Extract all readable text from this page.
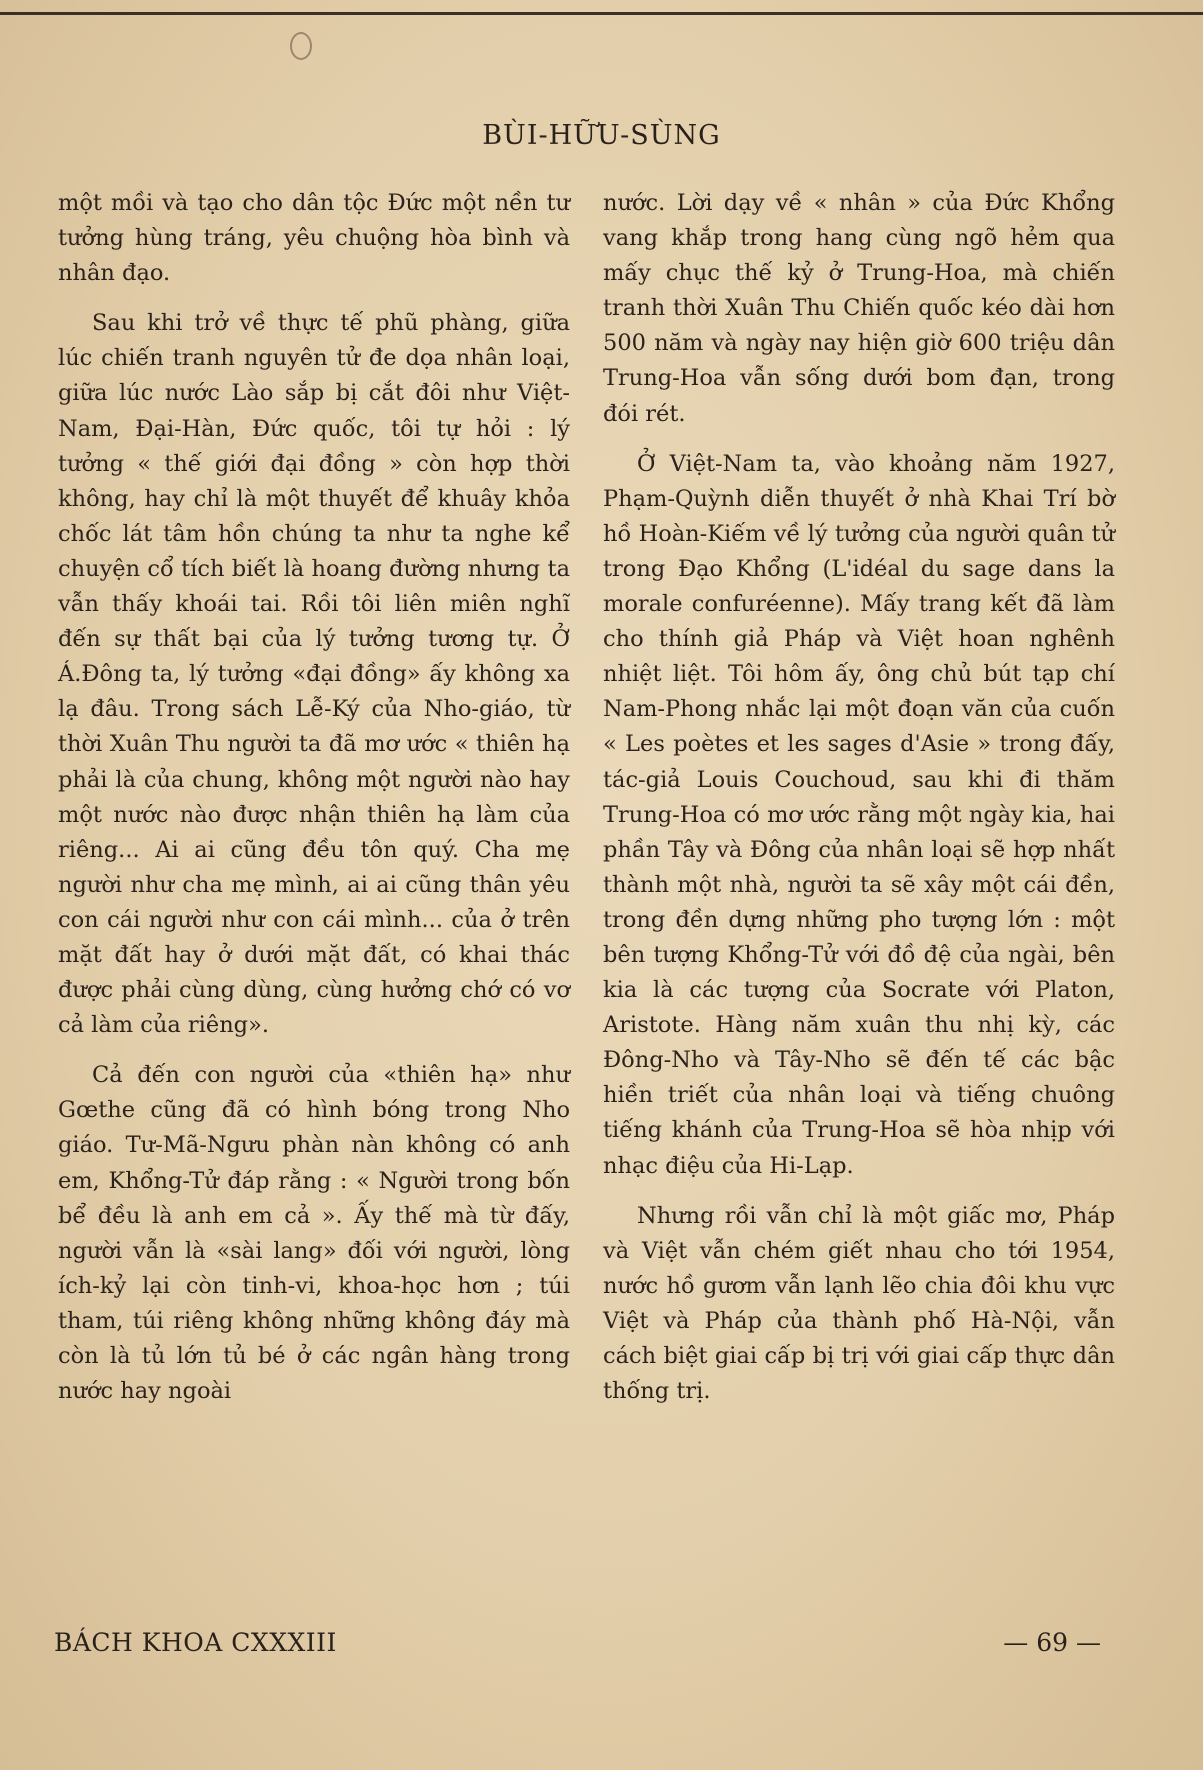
BÙI-HỮU-SÙNG

một mồi và tạo cho dân tộc Đức một nền tư tưởng hùng tráng, yêu chuộng hòa bình và nhân đạo.

Sau khi trở về thực tế phũ phàng, giữa lúc chiến tranh nguyên tử đe dọa nhân loại, giữa lúc nước Lào sắp bị cắt đôi như Việt-Nam, Đại-Hàn, Đức quốc, tôi tự hỏi : lý tưởng « thế giới đại đồng » còn hợp thời không, hay chỉ là một thuyết để khuây khỏa chốc lát tâm hồn chúng ta như ta nghe kể chuyện cổ tích biết là hoang đường nhưng ta vẫn thấy khoái tai. Rồi tôi liên miên nghĩ đến sự thất bại của lý tưởng tương tự. Ở Á.Đông ta, lý tưởng «đại đồng» ấy không xa lạ đâu. Trong sách Lễ-Ký của Nho-giáo, từ thời Xuân Thu người ta đã mơ ước « thiên hạ phải là của chung, không một người nào hay một nước nào được nhận thiên hạ làm của riêng... Ai ai cũng đều tôn quý. Cha mẹ người như cha mẹ mình, ai ai cũng thân yêu con cái người như con cái mình... của ở trên mặt đất hay ở dưới mặt đất, có khai thác được phải cùng dùng, cùng hưởng chớ có vơ cả làm của riêng».

Cả đến con người của «thiên hạ» như Gœthe cũng đã có hình bóng trong Nho giáo. Tư-Mã-Ngưu phàn nàn không có anh em, Khổng-Tử đáp rằng : « Người trong bốn bể đều là anh em cả ». Ấy thế mà từ đấy, người vẫn là «sài lang» đối với người, lòng ích-kỷ lại còn tinh-vi, khoa-học hơn ; túi tham, túi riêng không những không đáy mà còn là tủ lớn tủ bé ở các ngân hàng trong nước hay ngoài

nước. Lời dạy về « nhân » của Đức Khổng vang khắp trong hang cùng ngõ hẻm qua mấy chục thế kỷ ở Trung-Hoa, mà chiến tranh thời Xuân Thu Chiến quốc kéo dài hơn 500 năm và ngày nay hiện giờ 600 triệu dân Trung-Hoa vẫn sống dưới bom đạn, trong đói rét.

Ở Việt-Nam ta, vào khoảng năm 1927, Phạm-Quỳnh diễn thuyết ở nhà Khai Trí bờ hồ Hoàn-Kiếm về lý tưởng của người quân tử trong Đạo Khổng (L'idéal du sage dans la morale confuréenne). Mấy trang kết đã làm cho thính giả Pháp và Việt hoan nghênh nhiệt liệt. Tôi hôm ấy, ông chủ bút tạp chí Nam-Phong nhắc lại một đoạn văn của cuốn « Les poètes et les sages d'Asie » trong đấy, tác-giả Louis Couchoud, sau khi đi thăm Trung-Hoa có mơ ước rằng một ngày kia, hai phần Tây và Đông của nhân loại sẽ hợp nhất thành một nhà, người ta sẽ xây một cái đền, trong đền dựng những pho tượng lớn : một bên tượng Khổng-Tử với đồ đệ của ngài, bên kia là các tượng của Socrate với Platon, Aristote. Hàng năm xuân thu nhị kỳ, các Đông-Nho và Tây-Nho sẽ đến tế các bậc hiền triết của nhân loại và tiếng chuông tiếng khánh của Trung-Hoa sẽ hòa nhịp với nhạc điệu của Hi-Lạp.

Nhưng rồi vẫn chỉ là một giấc mơ, Pháp và Việt vẫn chém giết nhau cho tới 1954, nước hồ gươm vẫn lạnh lẽo chia đôi khu vực Việt và Pháp của thành phố Hà-Nội, vẫn cách biệt giai cấp bị trị với giai cấp thực dân thống trị.

BÁCH KHOA CXXXIII	— 69 —
